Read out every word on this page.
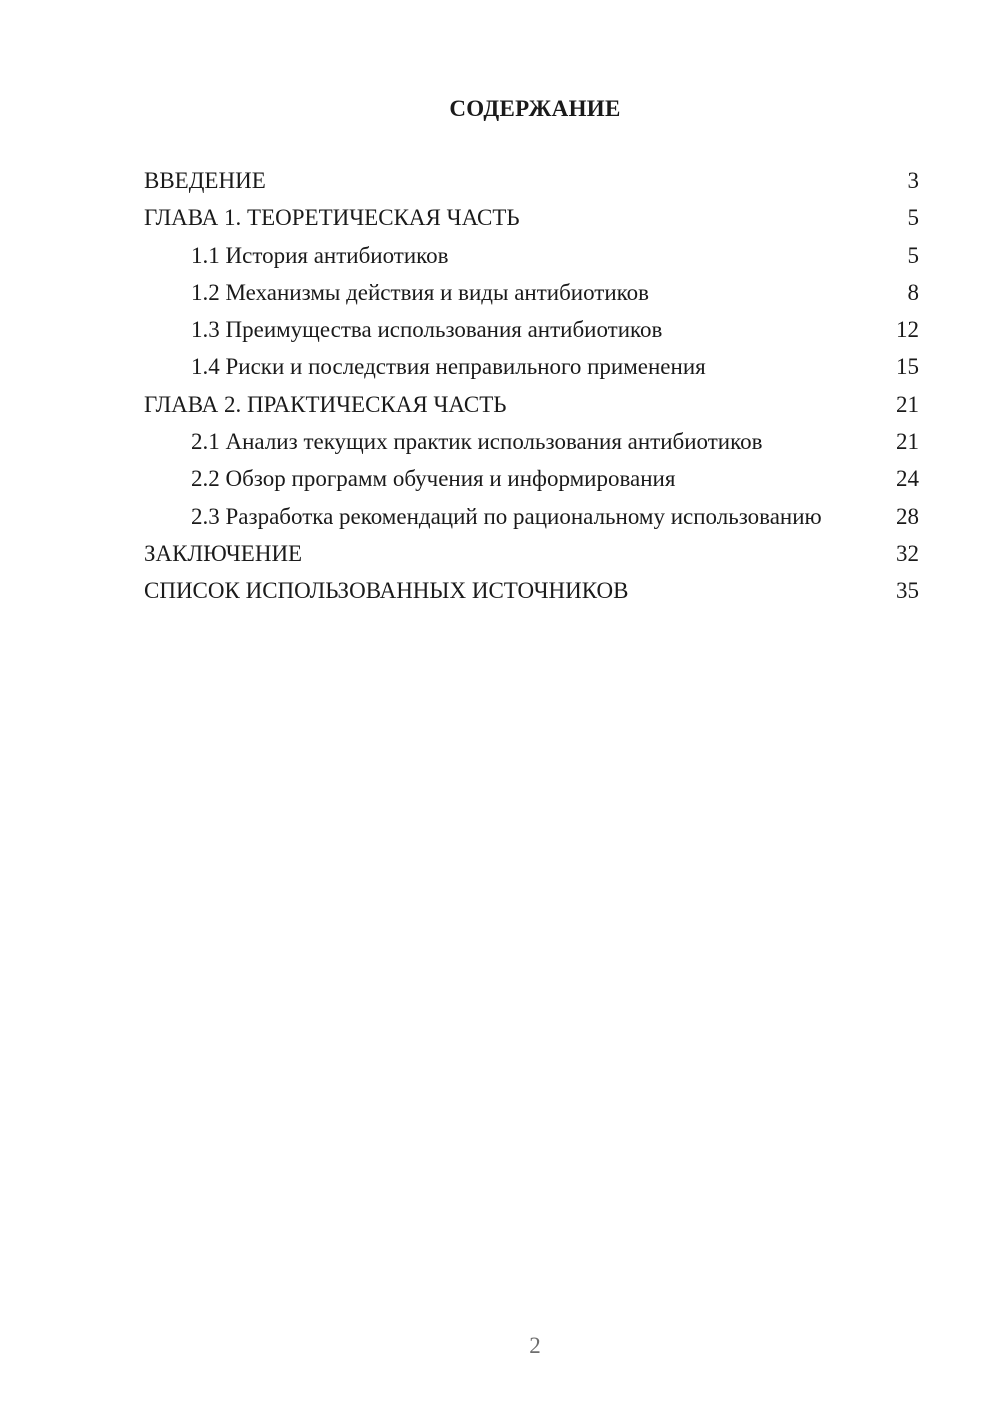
СОДЕРЖАНИЕ
ВВЕДЕНИЕ	3
ГЛАВА 1. ТЕОРЕТИЧЕСКАЯ ЧАСТЬ	5
1.1 История антибиотиков	5
1.2 Механизмы действия и виды антибиотиков	8
1.3 Преимущества использования антибиотиков	12
1.4 Риски и последствия неправильного применения	15
ГЛАВА 2. ПРАКТИЧЕСКАЯ ЧАСТЬ	21
2.1 Анализ текущих практик использования антибиотиков	21
2.2 Обзор программ обучения и информирования	24
2.3 Разработка рекомендаций по рациональному использованию	28
ЗАКЛЮЧЕНИЕ	32
СПИСОК ИСПОЛЬЗОВАННЫХ ИСТОЧНИКОВ	35
2
